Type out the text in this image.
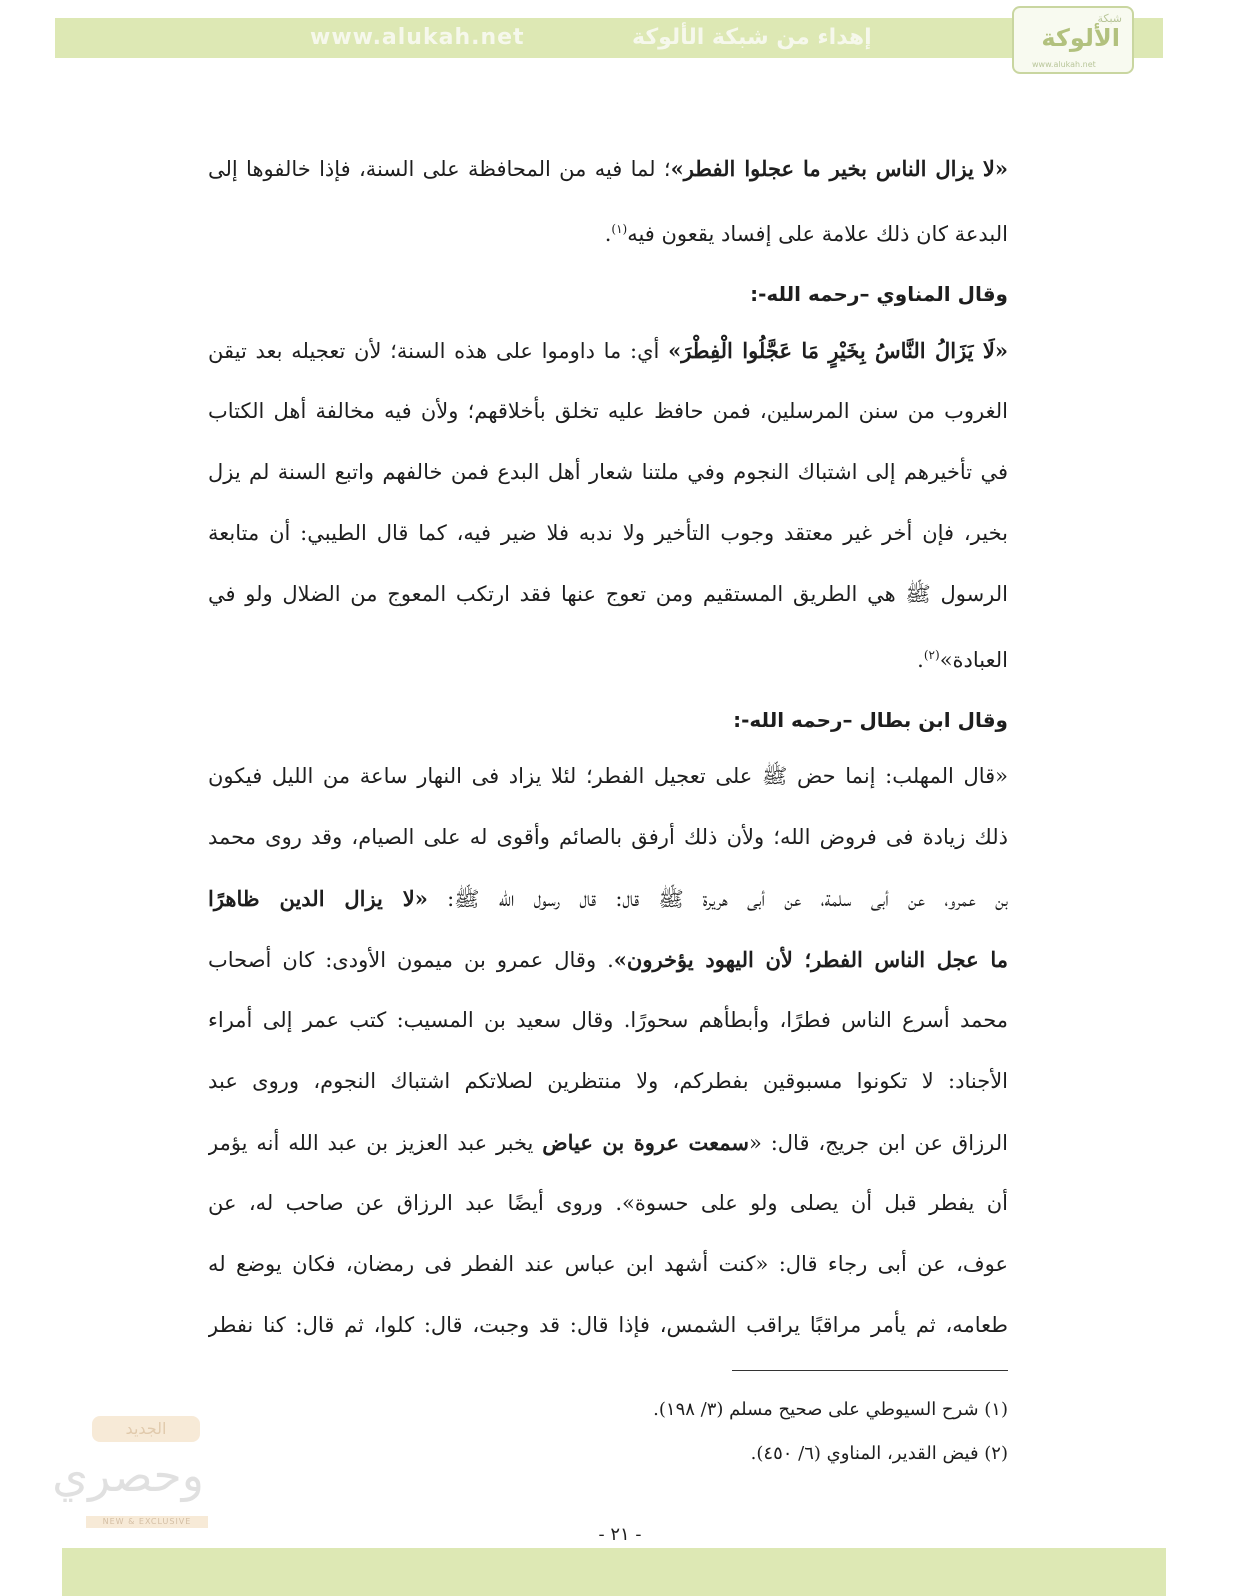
www.alukah.net	إهداء من شبكة الألوكة
شبكة
الألوكة
www.alukah.net
«لا يزال الناس بخير ما عجلوا الفطر»؛ لما فيه من المحافظة على السنة، فإذا خالفوها إلى
البدعة كان ذلك علامة على إفساد يقعون فيه$^{(١)}$.
وقال المناوي –رحمه الله-:
«لَا يَزَالُ النَّاسُ بِخَيْرٍ مَا عَجَّلُوا الْفِطْرَ» أي: ما داوموا على هذه السنة؛ لأن تعجيله بعد تيقن
الغروب من سنن المرسلين، فمن حافظ عليه تخلق بأخلاقهم؛ ولأن فيه مخالفة أهل الكتاب
في تأخيرهم إلى اشتباك النجوم وفي ملتنا شعار أهل البدع فمن خالفهم واتبع السنة لم يزل
بخير، فإن أخر غير معتقد وجوب التأخير ولا ندبه فلا ضير فيه، كما قال الطيبي: أن متابعة
الرسول ﷺ هي الطريق المستقيم ومن تعوج عنها فقد ارتكب المعوج من الضلال ولو في
العبادة»$^{(٢)}$.
وقال ابن بطال –رحمه الله-:
«قال المهلب: إنما حض ﷺ على تعجيل الفطر؛ لئلا يزاد فى النهار ساعة من الليل فيكون
ذلك زيادة فى فروض الله؛ ولأن ذلك أرفق بالصائم وأقوى له على الصيام، وقد روى محمد
بن عمرو، عن أبى سلمة، عن أبى هريرة ﷺ قال: قال رسول الله ﷺ: «لا يزال الدين ظاهرًا
ما عجل الناس الفطر؛ لأن اليهود يؤخرون». وقال عمرو بن ميمون الأودى: كان أصحاب
محمد أسرع الناس فطرًا، وأبطأهم سحورًا. وقال سعيد بن المسيب: كتب عمر إلى أمراء
الأجناد: لا تكونوا مسبوقين بفطركم، ولا منتظرين لصلاتكم اشتباك النجوم، وروى عبد
الرزاق عن ابن جريج، قال: «سمعت عروة بن عياض يخبر عبد العزيز بن عبد الله أنه يؤمر
أن يفطر قبل أن يصلى ولو على حسوة». وروى أيضًا عبد الرزاق عن صاحب له، عن
عوف، عن أبى رجاء قال: «كنت أشهد ابن عباس عند الفطر فى رمضان، فكان يوضع له
طعامه، ثم يأمر مراقبًا يراقب الشمس، فإذا قال: قد وجبت، قال: كلوا، ثم قال: كنا نفطر
(١) شرح السيوطي على صحيح مسلم (٣/ ١٩٨).
(٢) فيض القدير، المناوي (٦/ ٤٥٠).
الجديد
وحصري
NEW & EXCLUSIVE
- ٢١ -
